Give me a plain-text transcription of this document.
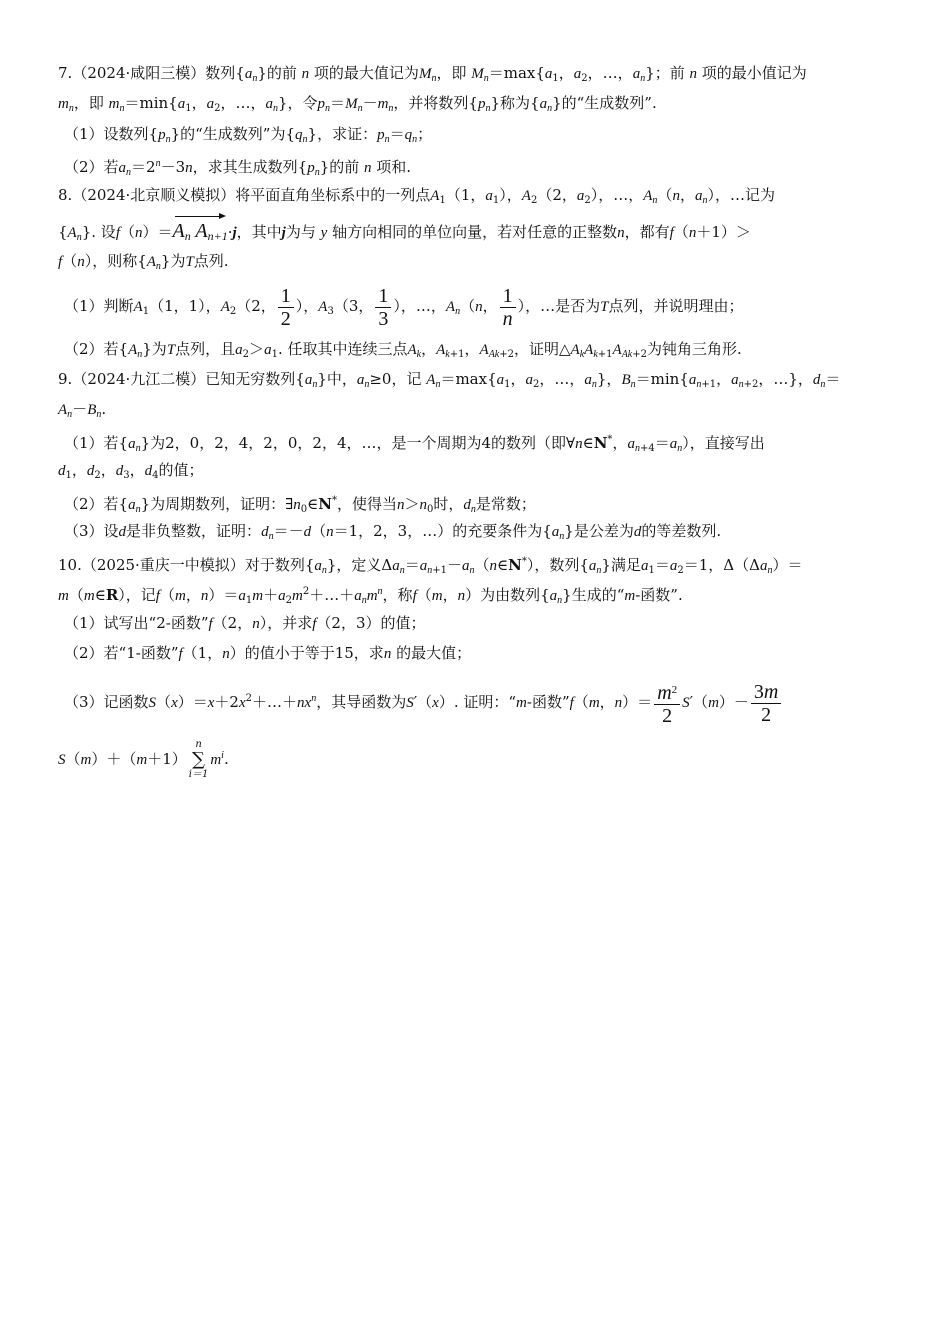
7.（2024·咸阳三模）数列$\{a_n\}$的前 n 项的最大值记为$M_n$，即 $M_n=\max\{a_1$，$a_2$，…，$a_n$}；前 n 项的最小值记为
$m_n$，即 $m_n=\min\{a_1$，$a_2$，…，$a_n$}，令$p_n=M_n-m_n$，并将数列$\{p_n\}$称为$\{a_n\}$的“生成数列”.
（1）设数列$\{p_n\}$的“生成数列”为$\{q_n\}$，求证：$p_n=q_n$；
（2）若$a_n=2^n-3n$，求其生成数列$\{p_n\}$的前 n 项和.
8.（2024·北京顺义模拟）将平面直角坐标系中的一列点$A_1(1$，$a_1$），$A_2(2$，$a_2$），…，$A_n(n$，$a_n$），…记为
$\{A_n\}$. 设$f(n)=A_n$ $A_{n+1}\cdot j$，其中j为与 y 轴方向相同的单位向量，若对任意的正整数n，都有f（n＋1）＞
f（n），则称$\{A_n\}$为T点列.
（1）判断$A_1(1$，1），$A_2(2$， $\frac{1}{2}$ ），$A_3(3$， $\frac{1}{3}$ ），…，$A_n(n$， $\frac{1}{n}$ ），…是否为T点列，并说明理由；
（2）若$\{A_n\}$为T点列，且$a_2>a_1$. 任取其中连续三点$A_k$，$A_{k+1}$，$A_{Ak+2}$，证明$\triangle A_kA_{k+1}A_{Ak+2}$为钝角三角形.
9.（2024·九江二模）已知无穷数列$\{a_n\}$中，$a_n\ge 0$，记 $A_n=\max\{a_1$，$a_2$，…，$a_n$}，$B_n=\min\{a_{n+1}$，$a_{n+2}$，…}，$d_n=$
$A_n-B_n$.
（1）若$\{a_n\}$为2，0，2，4，2，0，2，4，…，是一个周期为4的数列（即∀n∈N*，$a_{n+4}=a_n$），直接写出
$d_1$，$d_2$，$d_3$，$d_4$的值；
（2）若$\{a_n\}$为周期数列，证明：$\exists n_0\in N^*$，使得当$n>n_0$时，$d_n$是常数；
（3）设d是非负整数，证明：$d_n=-d(n=1$，2，3，…）的充要条件为$\{a_n\}$是公差为d的等差数列.
10.（2025·重庆一中模拟）对于数列$\{a_n\}$，定义$\Delta a_n=a_{n+1}-a_n(n\in N^*)$，数列$\{a_n\}$满足$a_1=a_2=1$，$\Delta(\Delta a_n)=$
m（m∈R），记f（m，$n)=a_1m+a_2m^2+\dots+a_nm^n$，称f（m，n）为由数列$\{a_n\}$生成的“m-函数”.
（1）试写出“2-函数”f（2，n），并求f（2，3）的值；
（2）若“1-函数”f（1，n）的值小于等于15，求n 的最大值；
（3）记函数$S(x)=x+2x^2+\dots+nx^n$，其导函数为S′（x）. 证明：“m-函数”f（m，$n)= \frac{m^2}{2} S'(m)- \frac{3m}{2}$
S（m）＋（m＋1）
n
∑
i＝1
$m^i$.
